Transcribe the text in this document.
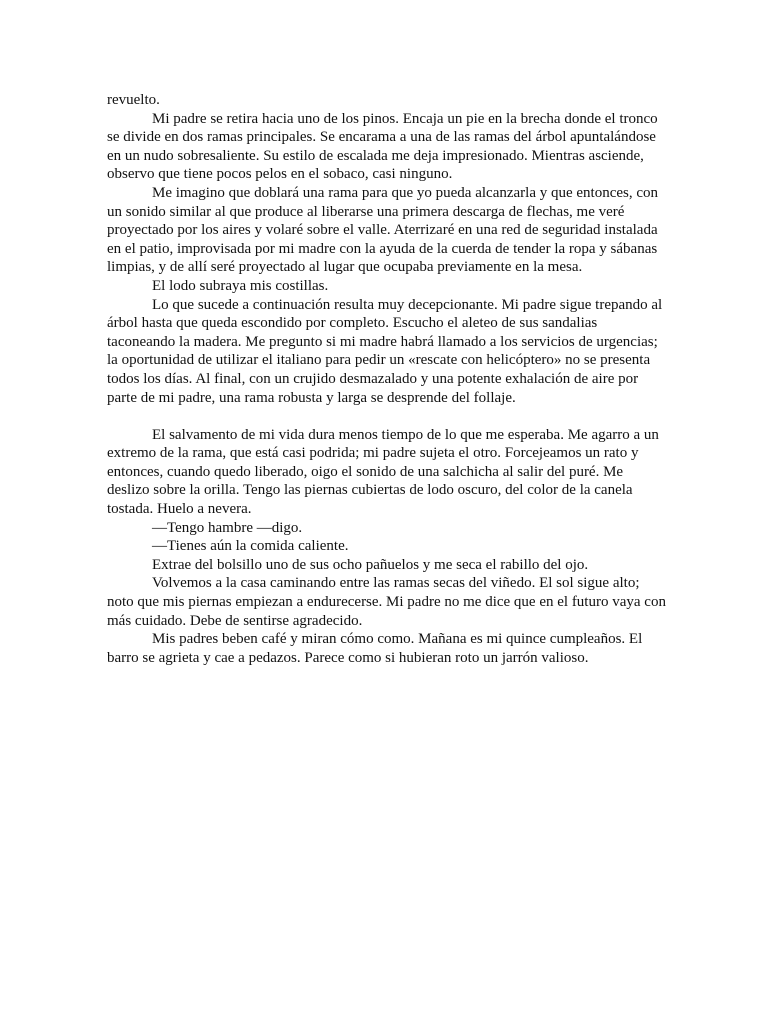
revuelto.

Mi padre se retira hacia uno de los pinos. Encaja un pie en la brecha donde el tronco se divide en dos ramas principales. Se encarama a una de las ramas del árbol apuntalándose en un nudo sobresaliente. Su estilo de escalada me deja impresionado. Mientras asciende, observo que tiene pocos pelos en el sobaco, casi ninguno.

Me imagino que doblará una rama para que yo pueda alcanzarla y que entonces, con un sonido similar al que produce al liberarse una primera descarga de flechas, me veré proyectado por los aires y volaré sobre el valle. Aterrizaré en una red de seguridad instalada en el patio, improvisada por mi madre con la ayuda de la cuerda de tender la ropa y sábanas limpias, y de allí seré proyectado al lugar que ocupaba previamente en la mesa.

El lodo subraya mis costillas.

Lo que sucede a continuación resulta muy decepcionante. Mi padre sigue trepando al árbol hasta que queda escondido por completo. Escucho el aleteo de sus sandalias taconeando la madera. Me pregunto si mi madre habrá llamado a los servicios de urgencias; la oportunidad de utilizar el italiano para pedir un «rescate con helicóptero» no se presenta todos los días. Al final, con un crujido desmazalado y una potente exhalación de aire por parte de mi padre, una rama robusta y larga se desprende del follaje.

El salvamento de mi vida dura menos tiempo de lo que me esperaba. Me agarro a un extremo de la rama, que está casi podrida; mi padre sujeta el otro. Forcejeamos un rato y entonces, cuando quedo liberado, oigo el sonido de una salchicha al salir del puré. Me deslizo sobre la orilla. Tengo las piernas cubiertas de lodo oscuro, del color de la canela tostada. Huelo a nevera.

—Tengo hambre —digo.

—Tienes aún la comida caliente.

Extrae del bolsillo uno de sus ocho pañuelos y me seca el rabillo del ojo.

Volvemos a la casa caminando entre las ramas secas del viñedo. El sol sigue alto; noto que mis piernas empiezan a endurecerse. Mi padre no me dice que en el futuro vaya con más cuidado. Debe de sentirse agradecido.

Mis padres beben café y miran cómo como. Mañana es mi quince cumpleaños. El barro se agrieta y cae a pedazos. Parece como si hubieran roto un jarrón valioso.
